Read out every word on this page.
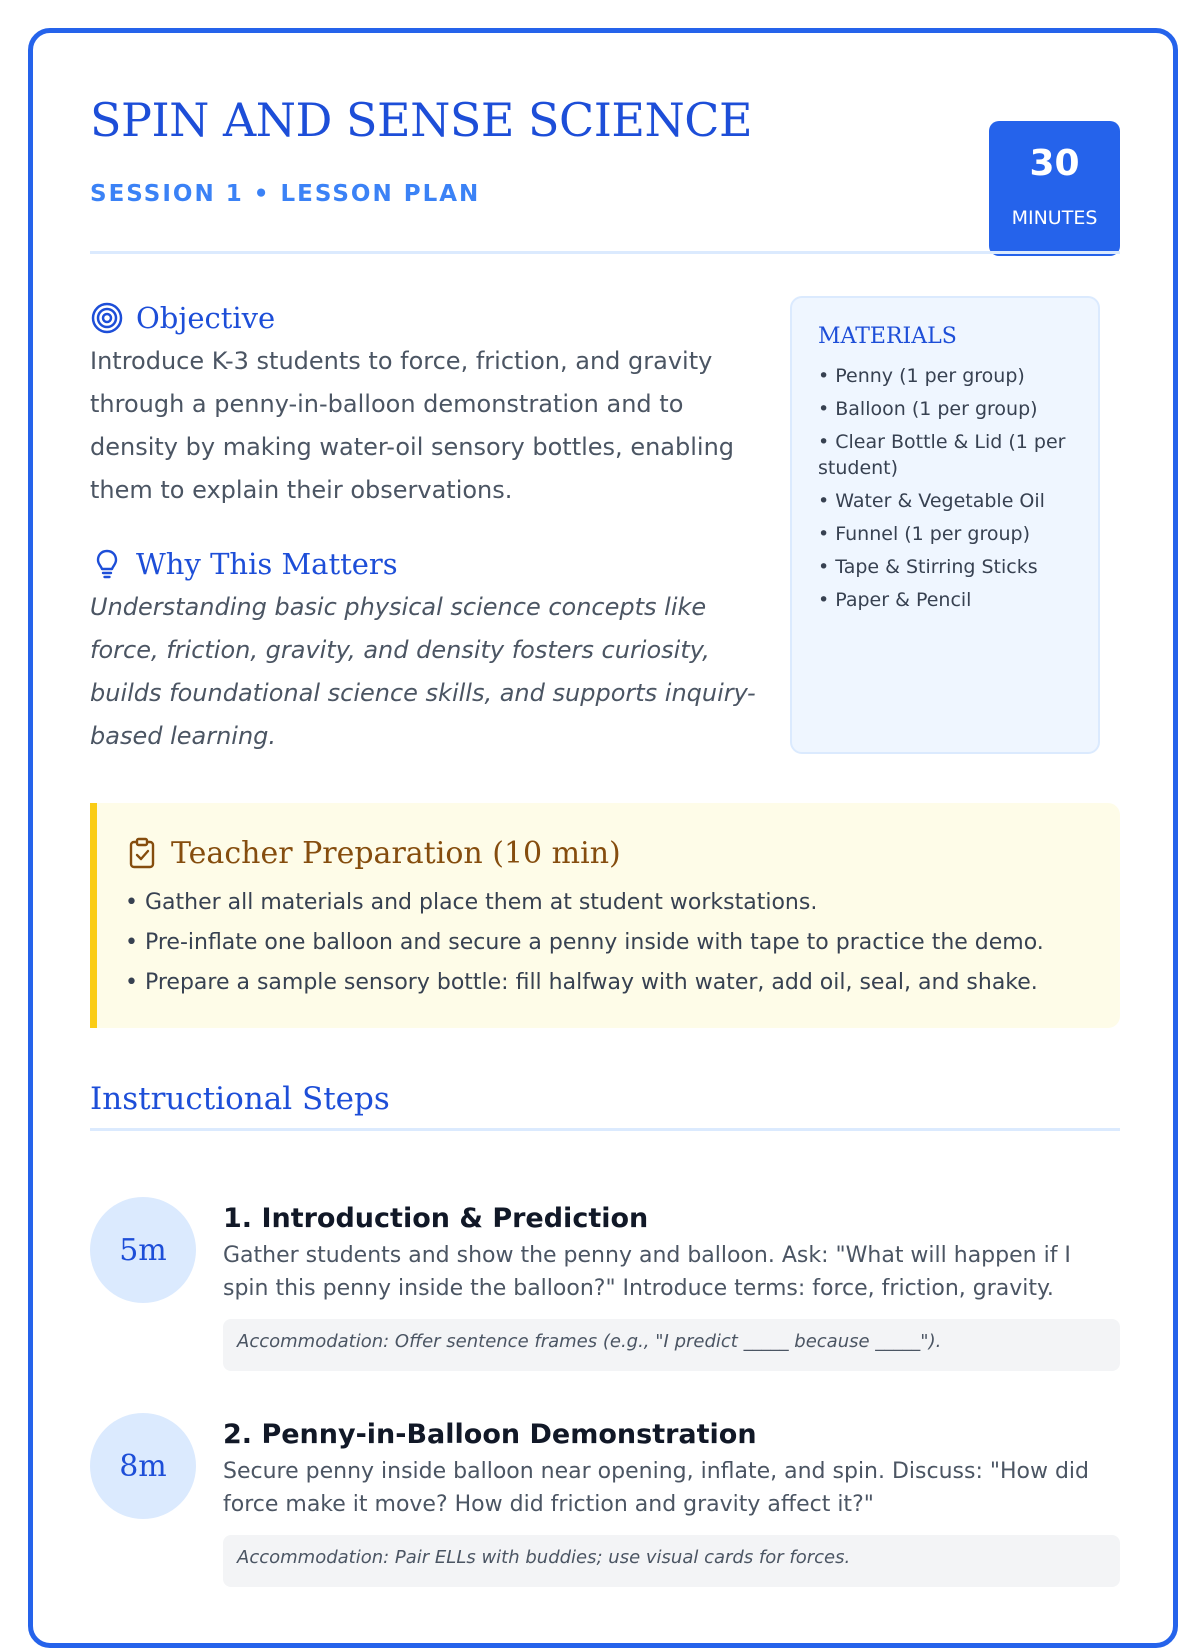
SPIN AND SENSE SCIENCE
SESSION 1 • LESSON PLAN
30
MINUTES
Objective

Introduce K-3 students to force, friction, and gravity through a penny-in-balloon demonstration and to density by making water-oil sensory bottles, enabling them to explain their observations.

Why This Matters

Understanding basic physical science concepts like force, friction, gravity, and density fosters curiosity, builds foundational science skills, and supports inquiry-based learning.

MATERIALS
• Penny (1 per group)
• Balloon (1 per group)
• Clear Bottle & Lid (1 per student)
• Water & Vegetable Oil
• Funnel (1 per group)
• Tape & Stirring Sticks
• Paper & Pencil
Teacher Preparation (10 min)
• Gather all materials and place them at student workstations.
• Pre-inflate one balloon and secure a penny inside with tape to practice the demo.
• Prepare a sample sensory bottle: fill halfway with water, add oil, seal, and shake.
Instructional Steps
5m
1. Introduction & Prediction

Gather students and show the penny and balloon. Ask: "What will happen if I spin this penny inside the balloon?" Introduce terms: force, friction, gravity.

Accommodation: Offer sentence frames (e.g., "I predict _____ because _____").
8m
2. Penny-in-Balloon Demonstration

Secure penny inside balloon near opening, inflate, and spin. Discuss: "How did force make it move? How did friction and gravity affect it?"

Accommodation: Pair ELLs with buddies; use visual cards for forces.
